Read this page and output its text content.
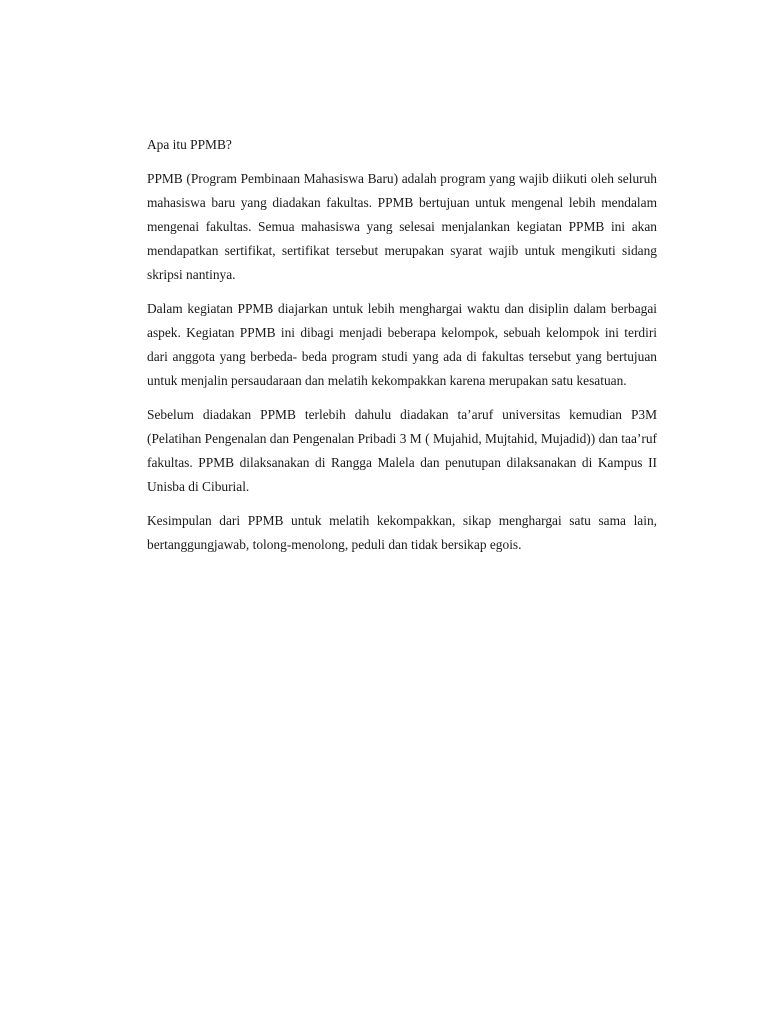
Apa itu PPMB?

PPMB (Program Pembinaan Mahasiswa Baru) adalah program yang wajib diikuti oleh seluruh mahasiswa baru yang diadakan fakultas. PPMB bertujuan untuk mengenal lebih mendalam mengenai fakultas. Semua mahasiswa yang selesai menjalankan kegiatan PPMB ini akan mendapatkan sertifikat, sertifikat tersebut merupakan syarat wajib untuk mengikuti sidang skripsi nantinya.

Dalam kegiatan PPMB diajarkan untuk lebih menghargai waktu dan disiplin dalam berbagai aspek. Kegiatan PPMB ini dibagi menjadi beberapa kelompok, sebuah kelompok ini terdiri dari anggota yang berbeda- beda program studi yang ada di fakultas tersebut yang bertujuan untuk menjalin persaudaraan dan melatih kekompakkan karena merupakan satu kesatuan.

Sebelum diadakan PPMB terlebih dahulu diadakan ta’aruf universitas kemudian P3M (Pelatihan Pengenalan dan Pengenalan Pribadi 3 M ( Mujahid, Mujtahid, Mujadid)) dan taa’ruf fakultas. PPMB dilaksanakan di Rangga Malela dan penutupan dilaksanakan di Kampus II Unisba di Ciburial.

Kesimpulan dari PPMB untuk melatih kekompakkan, sikap menghargai satu sama lain, bertanggungjawab, tolong-menolong, peduli dan tidak bersikap egois.
